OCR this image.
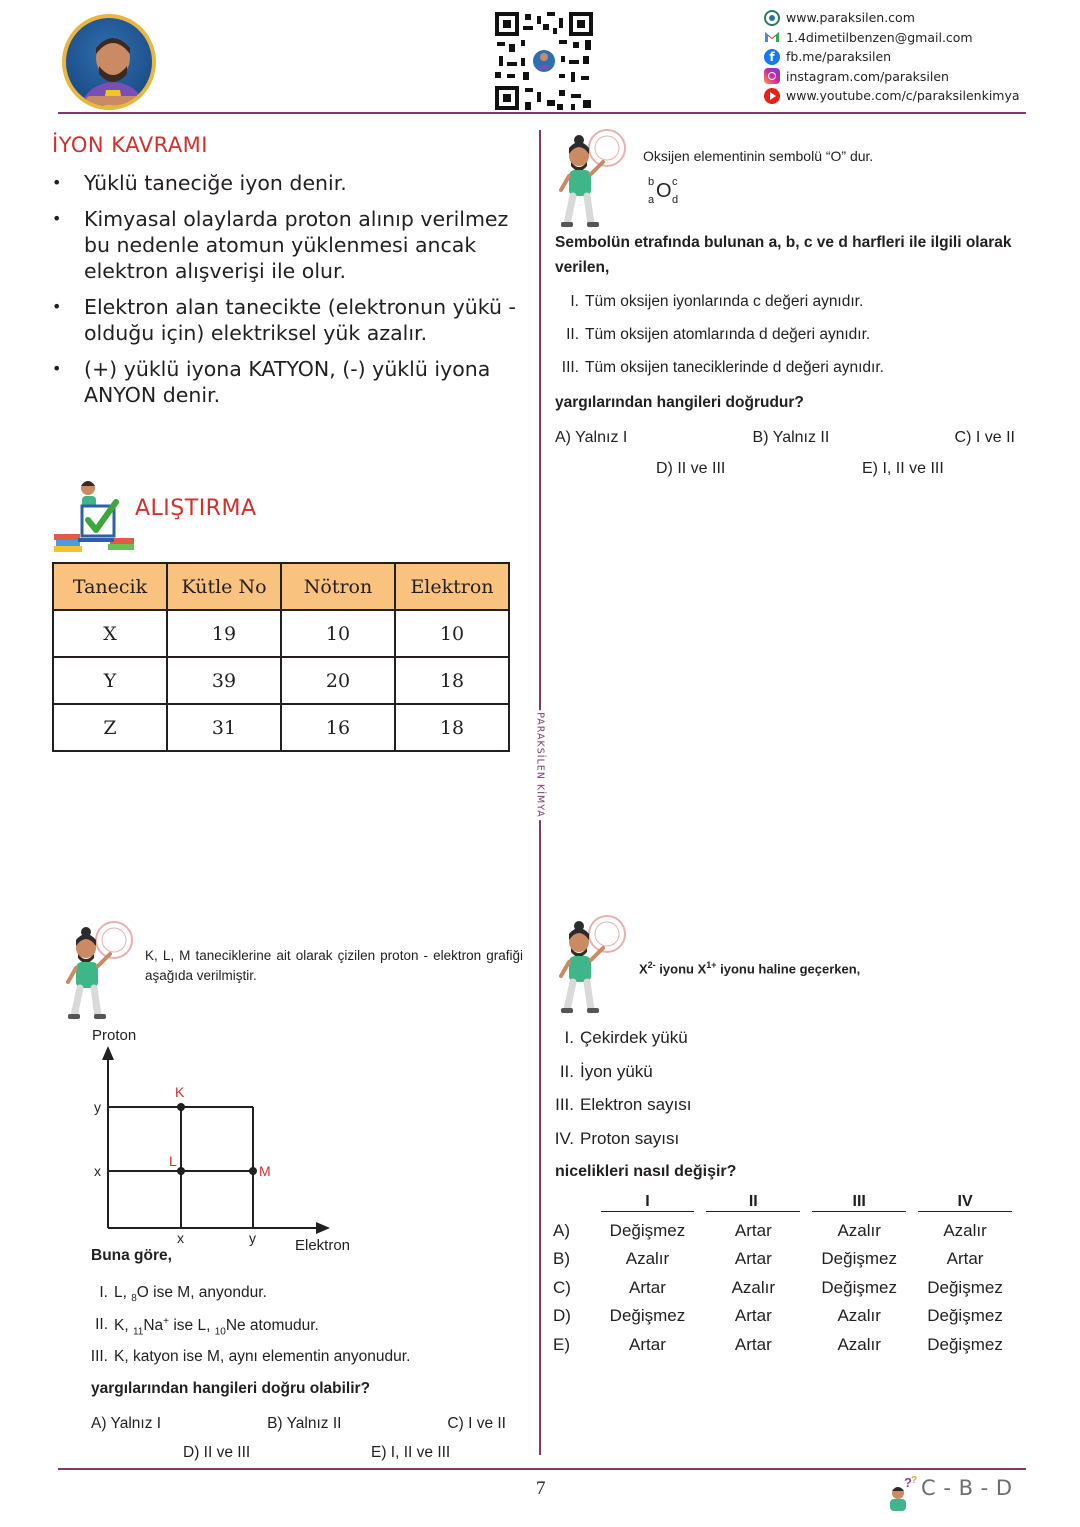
www.paraksilen.com
1.4dimetilbenzen@gmail.com
f fb.me/paraksilen
instagram.com/paraksilen
www.youtube.com/c/paraksilenkimya
İYON KAVRAMI
• Yüklü taneciğe iyon denir.
• Kimyasal olaylarda proton alınıp verilmez bu nedenle atomun yüklenmesi ancak elektron alışverişi ile olur.
• Elektron alan tanecikte (elektronun yükü - olduğu için) elektriksel yük azalır.
• (+) yüklü iyona KATYON, (-) yüklü iyona ANYON denir.
ALIŞTIRMA
Tanecik	Kütle No	Nötron	Elektron
X	19	10	10
Y	39	20	18
Z	31	16	18	PARAKSİLEN KİMYA
Oksijen elementinin sembolü “O” dur.
b O c
a d
Sembolün etrafında bulunan a, b, c ve d harfleri ile ilgili olarak verilen,
I. Tüm oksijen iyonlarında c değeri aynıdır.
II. Tüm oksijen atomlarında d değeri aynıdır.
III. Tüm oksijen taneciklerinde d değeri aynıdır.
yargılarından hangileri doğrudur?
A) Yalnız I	B) Yalnız II	C) I ve II
D) II ve III	E) I, II ve III
K, L, M taneciklerine ait olarak çizilen proton - elektron grafiği aşağıda verilmiştir.
Proton
Elektron
y
x
x	y
K
L
M
Buna göre,
I. L, $_8$O ise M, anyondur.
II. K, $_{11}$Na+ ise L, $_{10}$Ne atomudur.
III. K, katyon ise M, aynı elementin anyonudur.
yargılarından hangileri doğru olabilir?
A) Yalnız I	B) Yalnız II	C) I ve II
D) II ve III	E) I, II ve III
$X^{2-}$ iyonu $X^{1+}$ iyonu haline geçerken,
I. Çekirdek yükü
II. İyon yükü
III. Elektron sayısı
IV. Proton sayısı
nicelikleri nasıl değişir?
I	II	III	IV
A)	Değişmez	Artar	Azalır	Azalır
B)	Azalır	Artar	Değişmez	Artar
C)	Artar	Azalır	Değişmez	Değişmez
D)	Değişmez	Artar	Azalır	Değişmez
E)	Artar	Artar	Azalır	Değişmez
7	? ? C - B - D
